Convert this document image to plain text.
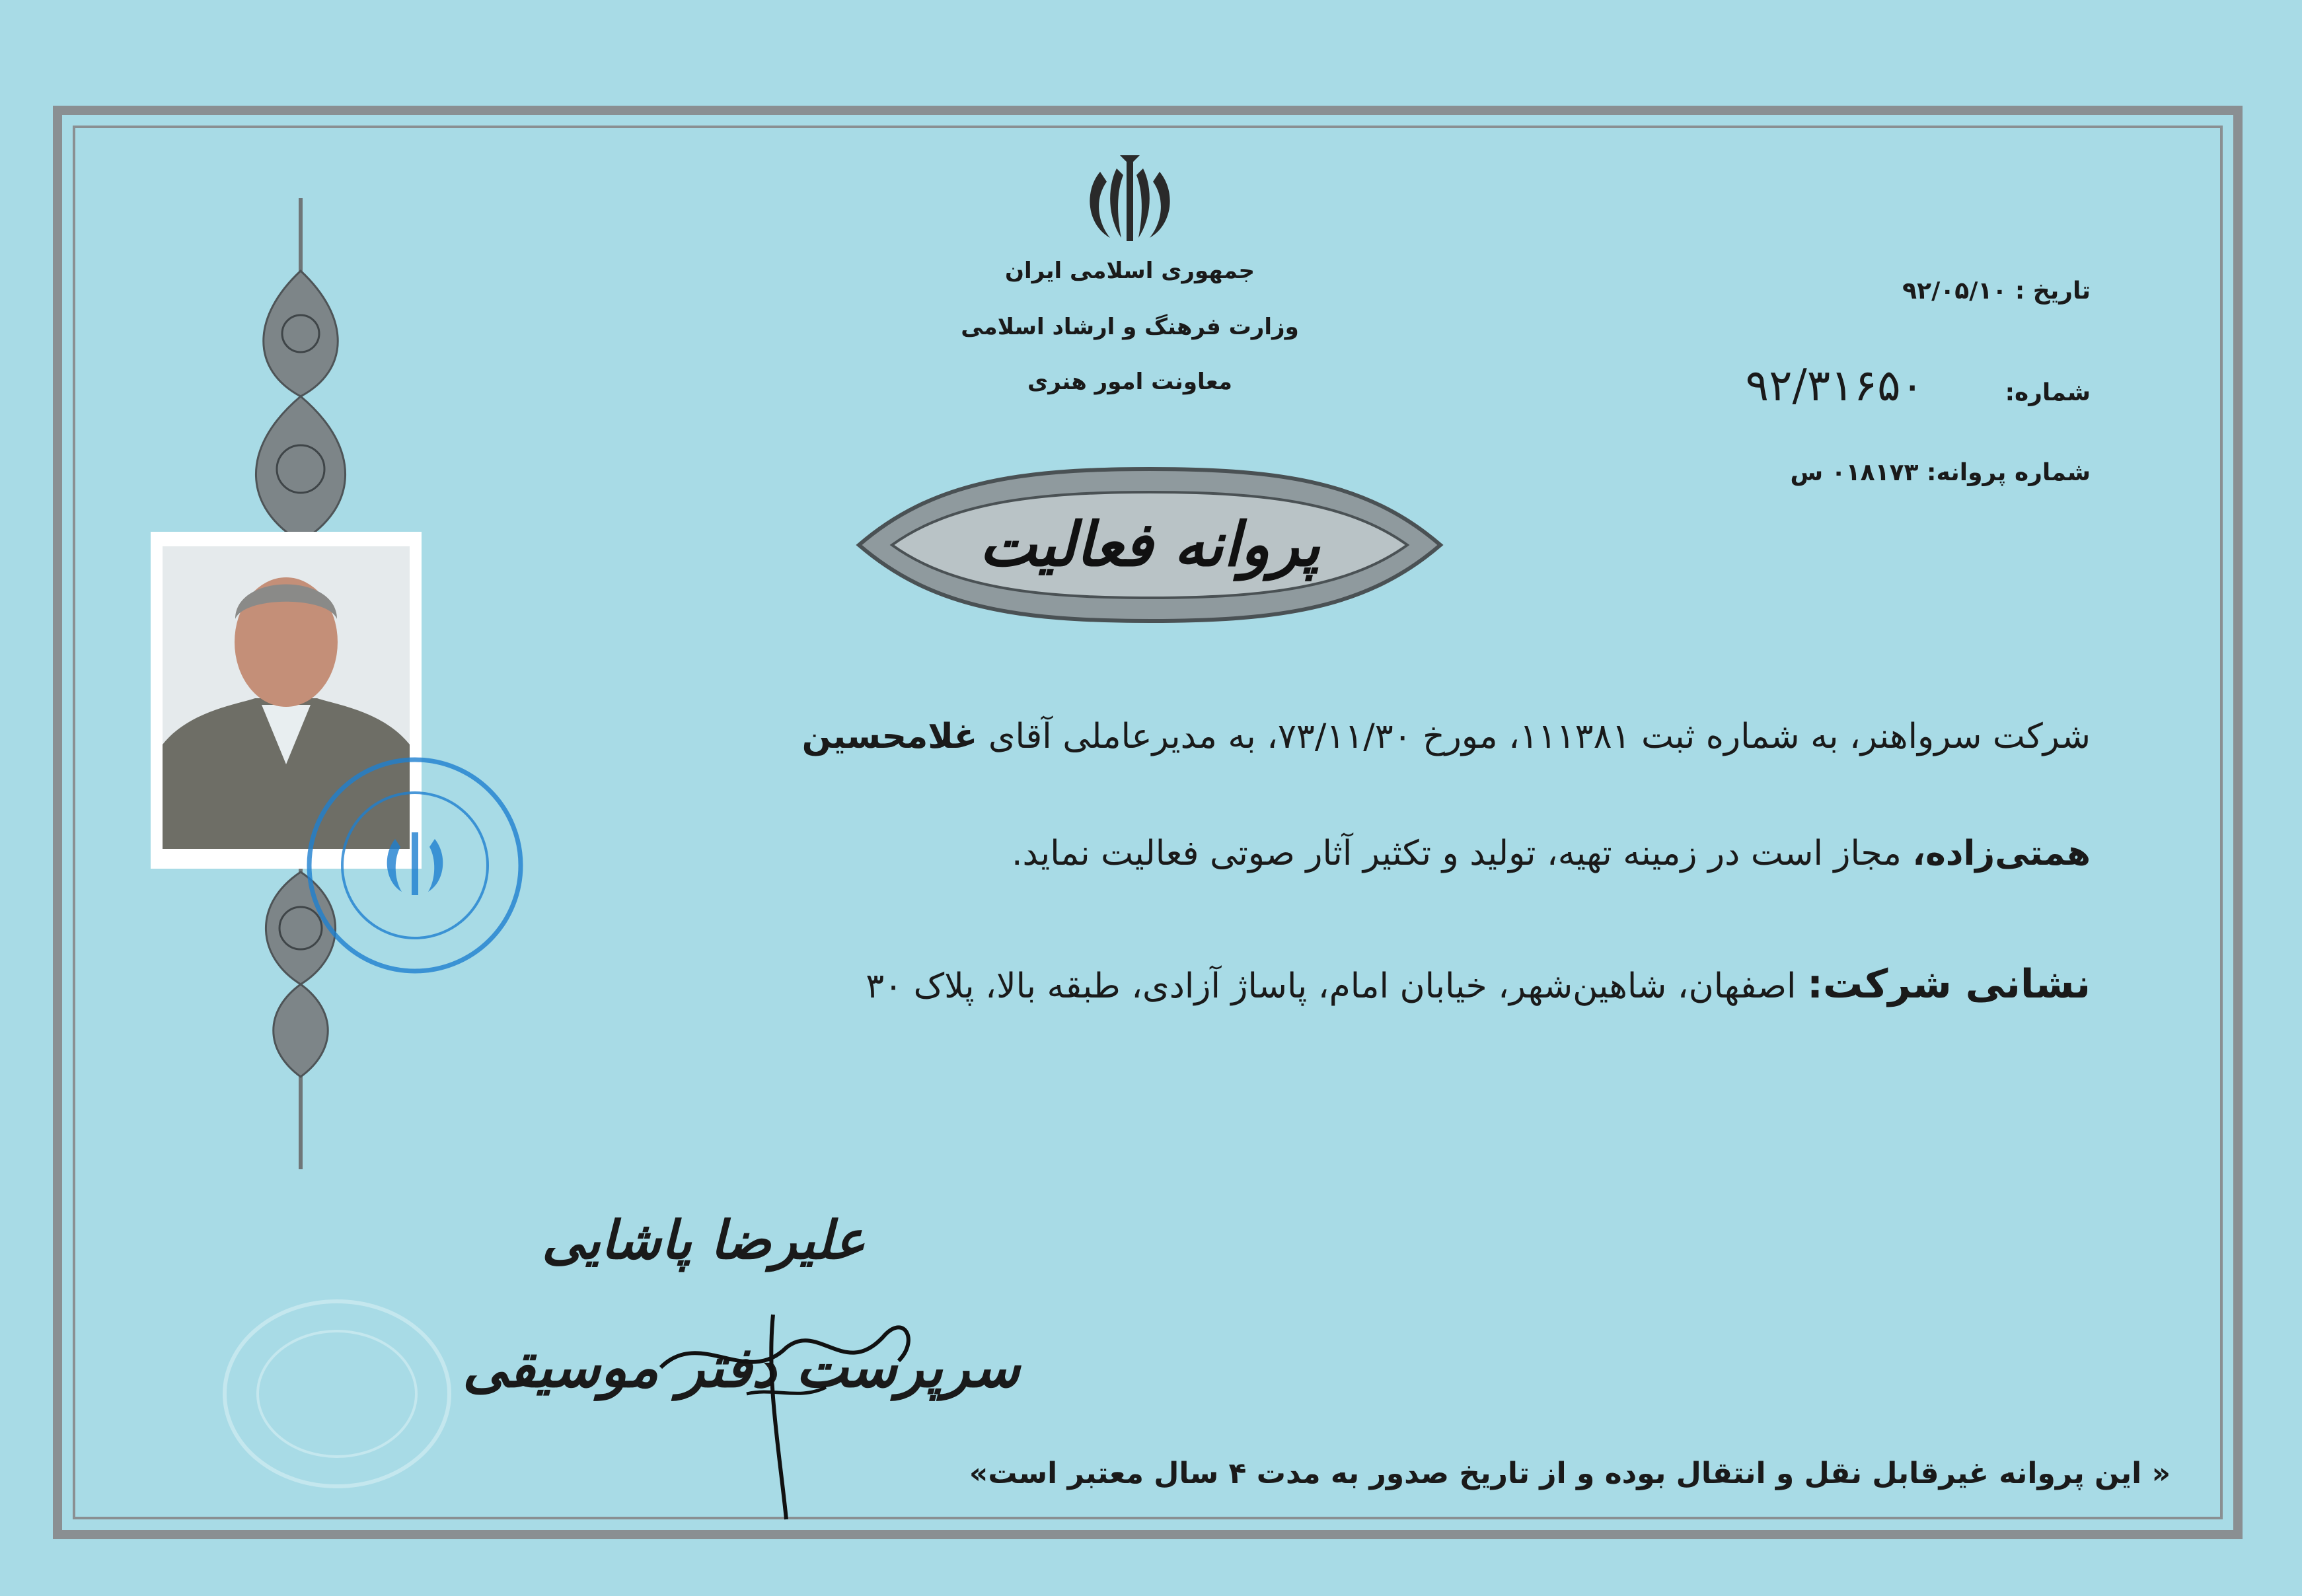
جمهوری اسلامی ایران
وزارت فرهنگ و ارشاد اسلامی
معاونت امور هنری
تاریخ : ۹۲/۰۵/۱۰
شماره: ۹۲/۳۱۶۵۰
شماره پروانه: ۰۱۸۱۷۳ س
پروانه فعالیت
شرکت سرواهنر، به شماره ثبت ۱۱۱۳۸۱، مورخ ۷۳/۱۱/۳۰، به مدیرعاملی آقای غلامحسین
همتی‌زاده، مجاز است در زمینه تهیه، تولید و تکثیر آثار صوتی فعالیت نماید.
نشانی شرکت: اصفهان، شاهین‌شهر، خیابان امام، پاساژ آزادی، طبقه بالا، پلاک ۳۰
علیرضا پاشایی
سرپرست دفتر موسیقی
« این پروانه غیرقابل نقل و انتقال بوده و از تاریخ صدور به مدت ۴ سال معتبر است»
